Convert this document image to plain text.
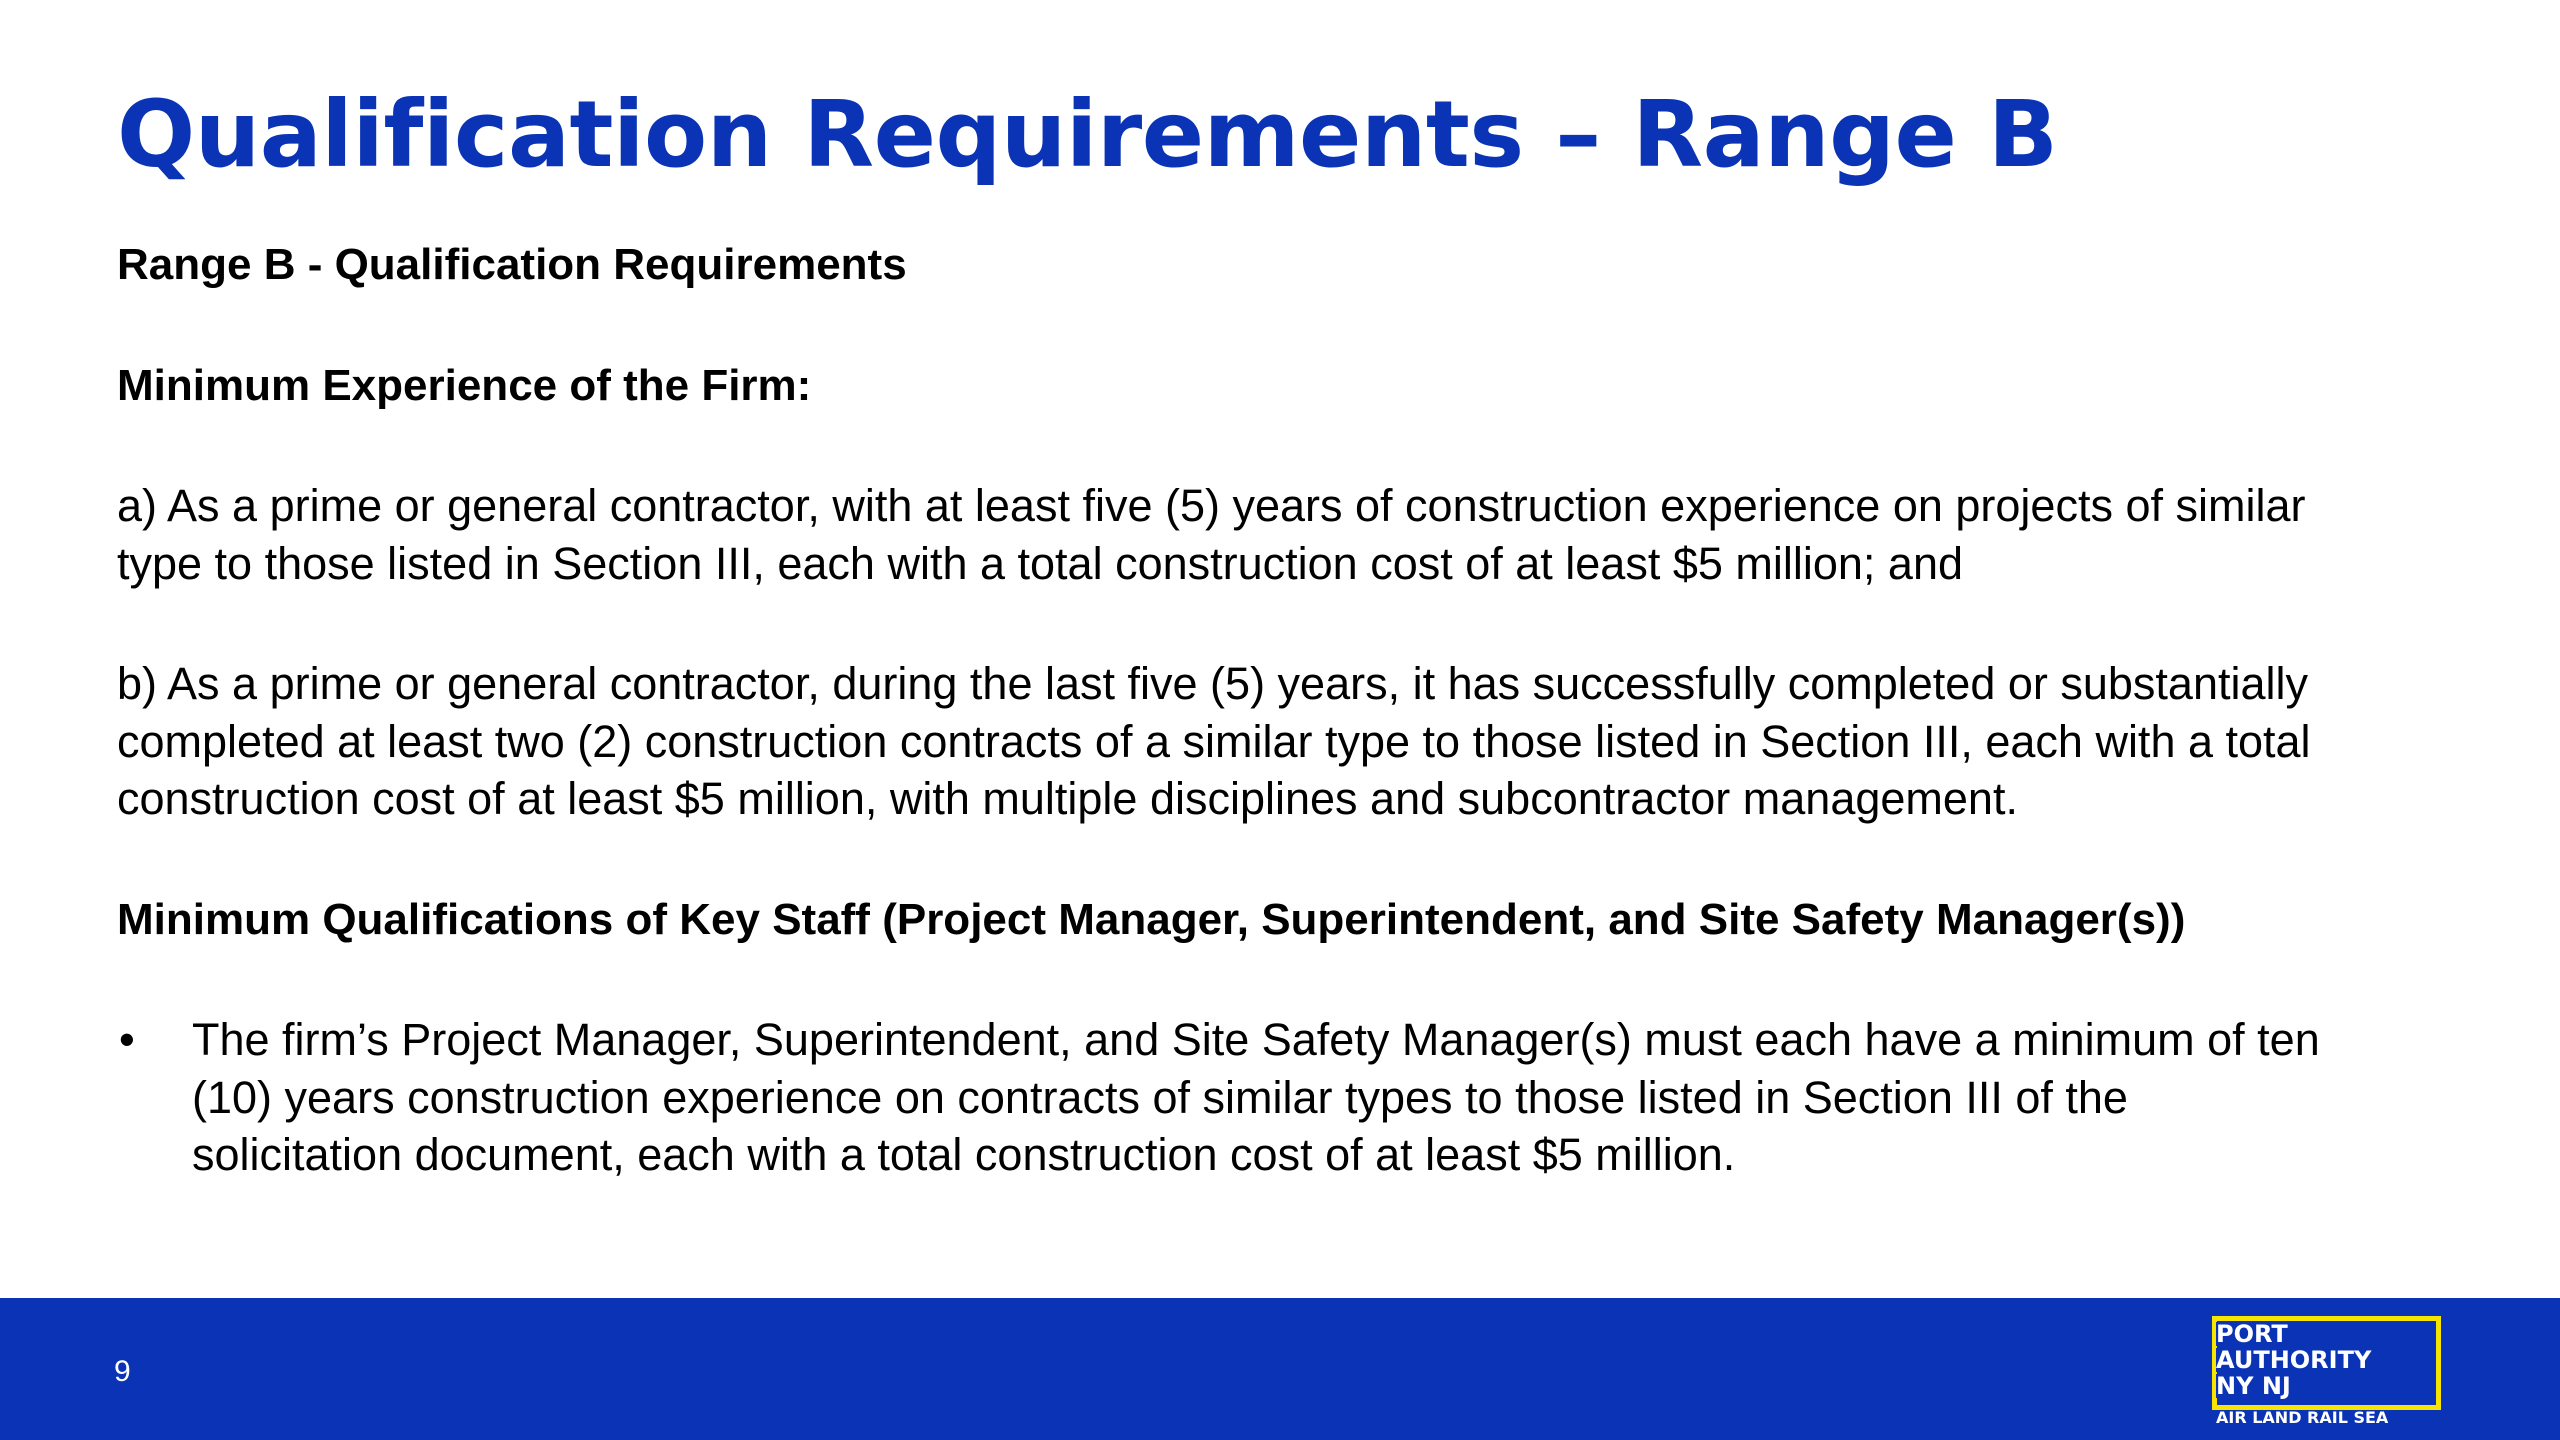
Qualification Requirements – Range B

Range B - Qualification Requirements

Minimum Experience of the Firm:

a) As a prime or general contractor, with at least five (5) years of construction experience on projects of similar

type to those listed in Section III, each with a total construction cost of at least $5 million; and

b) As a prime or general contractor, during the last five (5) years, it has successfully completed or substantially

completed at least two (2) construction contracts of a similar type to those listed in Section III, each with a total

construction cost of at least $5 million, with multiple disciplines and subcontractor management.

Minimum Qualifications of Key Staff (Project Manager, Superintendent, and Site Safety Manager(s))

•	The firm’s Project Manager, Superintendent, and Site Safety Manager(s) must each have a minimum of ten

(10) years construction experience on contracts of similar types to those listed in Section III of the

solicitation document, each with a total construction cost of at least $5 million.

9
PORT
AUTHORITY
NY NJ
AIR LAND RAIL SEA
